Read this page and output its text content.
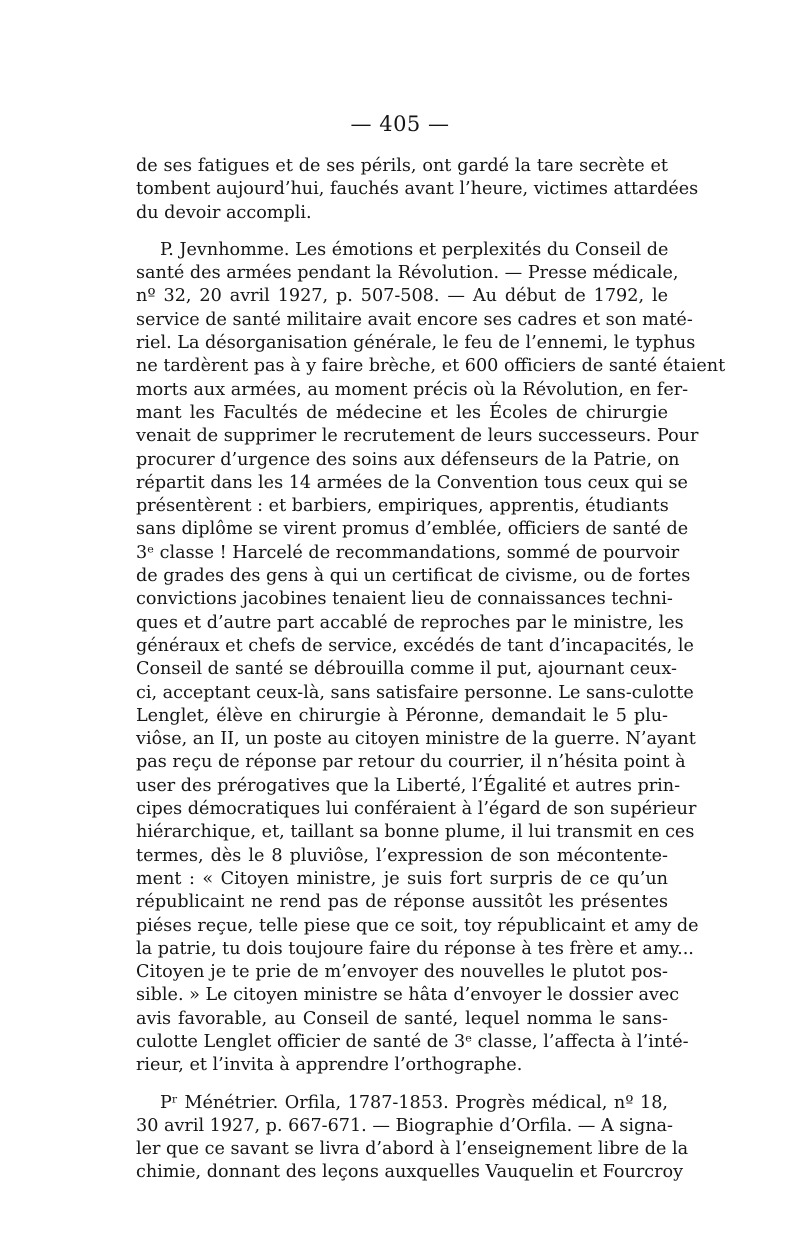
— 405 —
de ses fatigues et de ses périls, ont gardé la tare secrète et
tombent aujourd’hui, fauchés avant l’heure, victimes attardées
du devoir accompli.
P. Jevnhomme. Les émotions et perplexités du Conseil de
santé des armées pendant la Révolution. — Presse médicale,
nº 32, 20 avril 1927, p. 507-508. — Au début de 1792, le
service de santé militaire avait encore ses cadres et son maté-
riel. La désorganisation générale, le feu de l’ennemi, le typhus
ne tardèrent pas à y faire brèche, et 600 officiers de santé étaient
morts aux armées, au moment précis où la Révolution, en fer-
mant les Facultés de médecine et les Écoles de chirurgie
venait de supprimer le recrutement de leurs successeurs. Pour
procurer d’urgence des soins aux défenseurs de la Patrie, on
répartit dans les 14 armées de la Convention tous ceux qui se
présentèrent : et barbiers, empiriques, apprentis, étudiants
sans diplôme se virent promus d’emblée, officiers de santé de
3ᵉ classe ! Harcelé de recommandations, sommé de pourvoir
de grades des gens à qui un certificat de civisme, ou de fortes
convictions jacobines tenaient lieu de connaissances techni-
ques et d’autre part accablé de reproches par le ministre, les
généraux et chefs de service, excédés de tant d’incapacités, le
Conseil de santé se débrouilla comme il put, ajournant ceux-
ci, acceptant ceux-là, sans satisfaire personne. Le sans-culotte
Lenglet, élève en chirurgie à Péronne, demandait le 5 plu-
viôse, an II, un poste au citoyen ministre de la guerre. N’ayant
pas reçu de réponse par retour du courrier, il n’hésita point à
user des prérogatives que la Liberté, l’Égalité et autres prin-
cipes démocratiques lui conféraient à l’égard de son supérieur
hiérarchique, et, taillant sa bonne plume, il lui transmit en ces
termes, dès le 8 pluviôse, l’expression de son mécontente-
ment : « Citoyen ministre, je suis fort surpris de ce qu’un
républicaint ne rend pas de réponse aussitôt les présentes
piéses reçue, telle piese que ce soit, toy républicaint et amy de
la patrie, tu dois toujoure faire du réponse à tes frère et amy...
Citoyen je te prie de m’envoyer des nouvelles le plutot pos-
sible. » Le citoyen ministre se hâta d’envoyer le dossier avec
avis favorable, au Conseil de santé, lequel nomma le sans-
culotte Lenglet officier de santé de 3ᵉ classe, l’affecta à l’inté-
rieur, et l’invita à apprendre l’orthographe.
Pʳ Ménétrier. Orfila, 1787-1853. Progrès médical, nº 18,
30 avril 1927, p. 667-671. — Biographie d’Orfila. — A signa-
ler que ce savant se livra d’abord à l’enseignement libre de la
chimie, donnant des leçons auxquelles Vauquelin et Fourcroy
